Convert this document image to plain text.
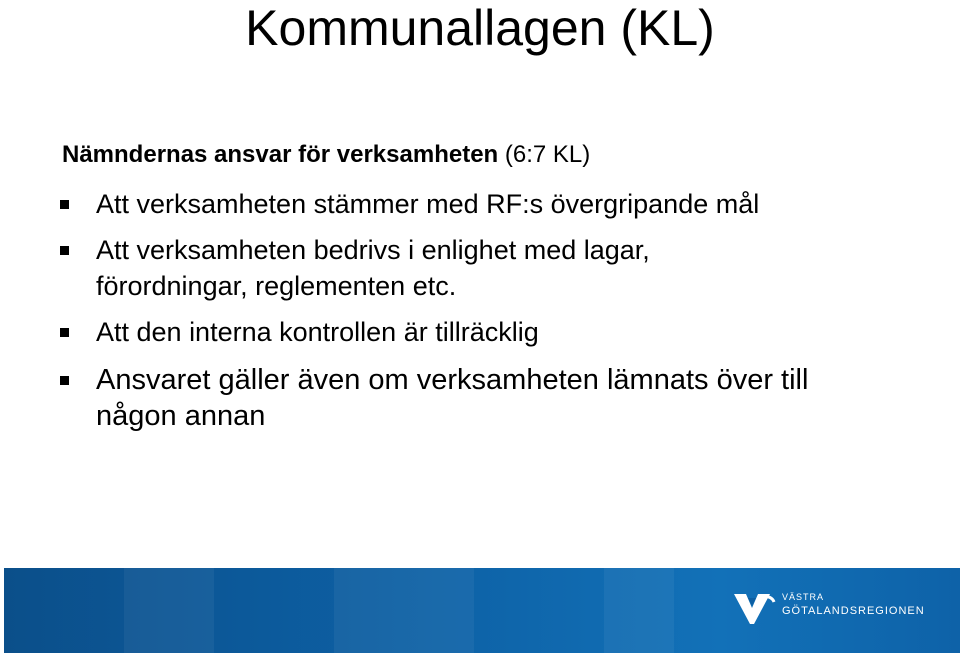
Kommunallagen (KL)
Nämndernas ansvar för verksamheten (6:7 KL)
Att verksamheten stämmer med RF:s övergripande mål
Att verksamheten bedrivs i enlighet med lagar, förordningar, reglementen etc.
Att den interna kontrollen är tillräcklig
Ansvaret gäller även om verksamheten lämnats över till någon annan
VÄSTRA
GÖTALANDSREGIONEN
